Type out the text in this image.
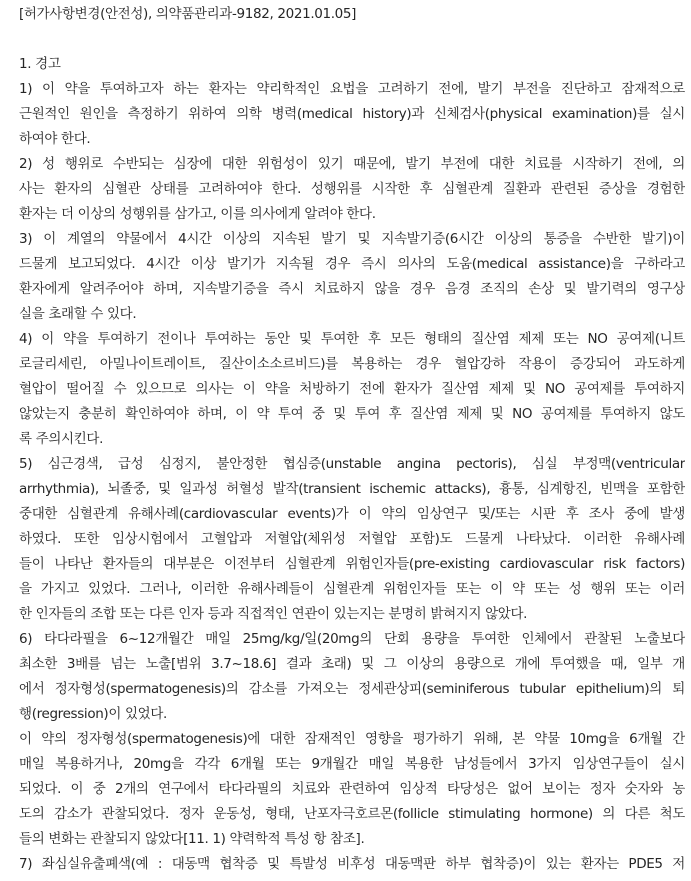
[허가사항변경(안전성), 의약품관리과-9182, 2021.01.05]
1. 경고
1) 이 약을 투여하고자 하는 환자는 약리학적인 요법을 고려하기 전에, 발기 부전을 진단하고 잠재적으로
근원적인 원인을 측정하기 위하여 의학 병력(medical history)과 신체검사(physical examination)를 실시
하여야 한다.
2) 성 행위로 수반되는 심장에 대한 위험성이 있기 때문에, 발기 부전에 대한 치료를 시작하기 전에, 의
사는 환자의 심혈관 상태를 고려하여야 한다. 성행위를 시작한 후 심혈관계 질환과 관련된 증상을 경험한
환자는 더 이상의 성행위를 삼가고, 이를 의사에게 알려야 한다.
3) 이 계열의 약물에서 4시간 이상의 지속된 발기 및 지속발기증(6시간 이상의 통증을 수반한 발기)이
드물게 보고되었다. 4시간 이상 발기가 지속될 경우 즉시 의사의 도움(medical assistance)을 구하라고
환자에게 알려주어야 하며, 지속발기증을 즉시 치료하지 않을 경우 음경 조직의 손상 및 발기력의 영구상
실을 초래할 수 있다.
4) 이 약을 투여하기 전이나 투여하는 동안 및 투여한 후 모든 형태의 질산염 제제 또는 NO 공여제(니트
로글리세린, 아밀나이트레이트, 질산이소소르비드)를 복용하는 경우 혈압강하 작용이 증강되어 과도하게
혈압이 떨어질 수 있으므로 의사는 이 약을 처방하기 전에 환자가 질산염 제제 및 NO 공여제를 투여하지
않았는지 충분히 확인하여야 하며, 이 약 투여 중 및 투여 후 질산염 제제 및 NO 공여제를 투여하지 않도
록 주의시킨다.
5) 심근경색, 급성 심정지, 불안정한 협심증(unstable angina pectoris), 심실 부정맥(ventricular
arrhythmia), 뇌졸중, 및 일과성 허혈성 발작(transient ischemic attacks), 흉통, 심계항진, 빈맥을 포함한
중대한 심혈관계 유해사례(cardiovascular events)가 이 약의 임상연구 및/또는 시판 후 조사 중에 발생
하였다. 또한 임상시험에서 고혈압과 저혈압(체위성 저혈압 포함)도 드물게 나타났다. 이러한 유해사례
들이 나타난 환자들의 대부분은 이전부터 심혈관계 위험인자들(pre-existing cardiovascular risk factors)
을 가지고 있었다. 그러나, 이러한 유해사례들이 심혈관계 위험인자들 또는 이 약 또는 성 행위 또는 이러
한 인자들의 조합 또는 다른 인자 등과 직접적인 연관이 있는지는 분명히 밝혀지지 않았다.
6) 타다라필을 6~12개월간 매일 25mg/kg/일(20mg의 단회 용량을 투여한 인체에서 관찰된 노출보다
최소한 3배를 넘는 노출[범위 3.7~18.6] 결과 초래) 및 그 이상의 용량으로 개에 투여했을 때, 일부 개
에서 정자형성(spermatogenesis)의 감소를 가져오는 정세관상피(seminiferous tubular epithelium)의 퇴
행(regression)이 있었다.
이 약의 정자형성(spermatogenesis)에 대한 잠재적인 영향을 평가하기 위해, 본 약물 10mg을 6개월 간
매일 복용하거나, 20mg을 각각 6개월 또는 9개월간 매일 복용한 남성들에서 3가지 임상연구들이 실시
되었다. 이 중 2개의 연구에서 타다라필의 치료와 관련하여 임상적 타당성은 없어 보이는 정자 숫자와 농
도의 감소가 관찰되었다. 정자 운동성, 형태, 난포자극호르몬(follicle stimulating hormone) 의 다른 척도
들의 변화는 관찰되지 않았다[11. 1) 약력학적 특성 항 참조].
7) 좌심실유출폐색(예 : 대동맥 협착증 및 특발성 비후성 대동맥판 하부 협착증)이 있는 환자는 PDE5 저
